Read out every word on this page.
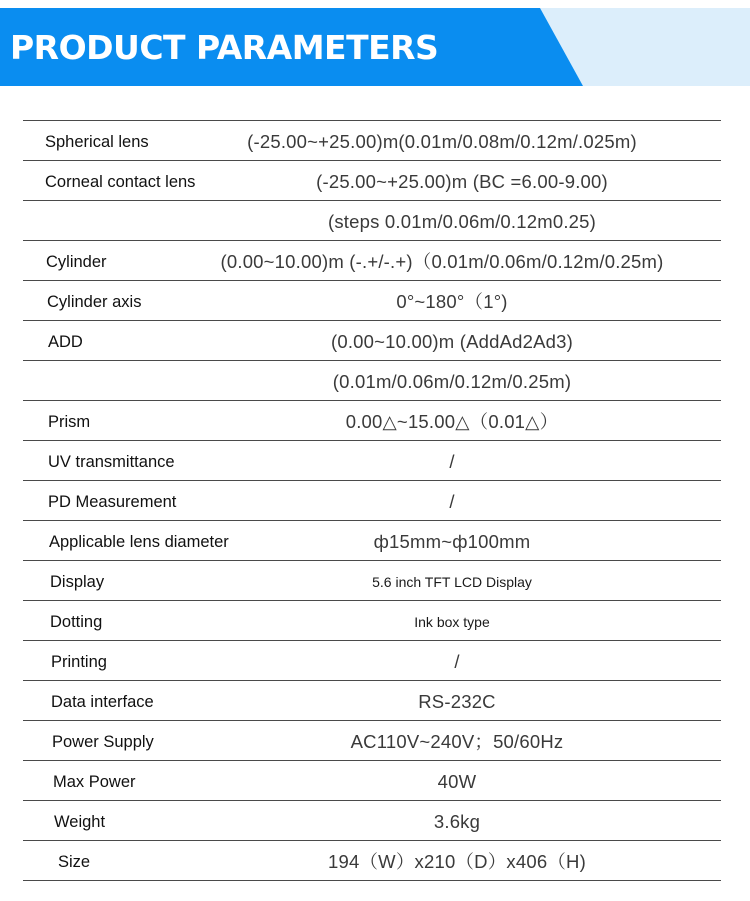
PRODUCT PARAMETERS
Spherical lens	(-25.00~+25.00)m(0.01m/0.08m/0.12m/.025m)
Corneal contact lens	(-25.00~+25.00)m (BC =6.00-9.00)
(steps 0.01m/0.06m/0.12m0.25)
Cylinder	(0.00~10.00)m (-.+/-.+)（0.01m/0.06m/0.12m/0.25m)
Cylinder axis	0°~180°（1°)
ADD	(0.00~10.00)m (AddAd2Ad3)
(0.01m/0.06m/0.12m/0.25m)
Prism	0.00△~15.00△（0.01△）
UV transmittance	/
PD Measurement	/
Applicable lens diameter	ф15mm~ф100mm
Display	5.6 inch TFT LCD Display
Dotting	Ink box type
Printing	/
Data interface	RS-232C
Power Supply	AC110V~240V；50/60Hz
Max Power	40W
Weight	3.6kg
Size	194（W）x210（D）x406（H)
